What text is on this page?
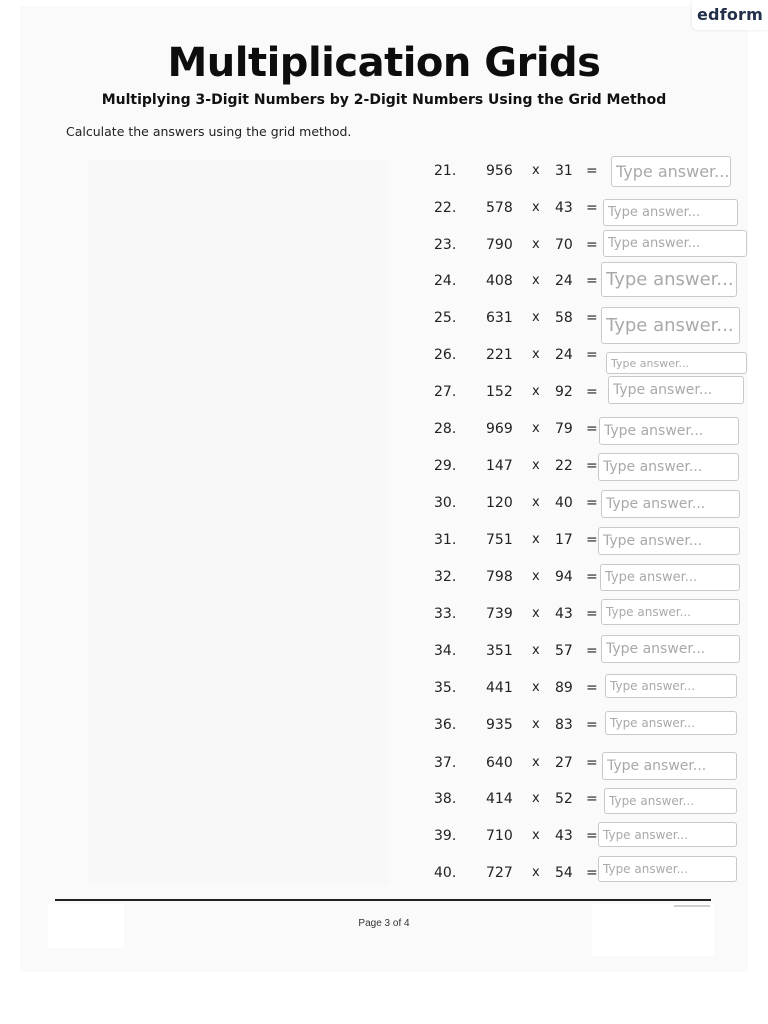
edform
Multiplication Grids
Multiplying 3-Digit Numbers by 2-Digit Numbers Using the Grid Method
Calculate the answers using the grid method.
21. 956 x 31 =
Type answer...
22. 578 x 43 =
Type answer...
23. 790 x 70 =
Type answer...
24. 408 x 24 =
Type answer...
25. 631 x 58 =
Type answer...
26. 221 x 24 =
Type answer...
27. 152 x 92 =
Type answer...
28. 969 x 79 =
Type answer...
29. 147 x 22 =
Type answer...
30. 120 x 40 =
Type answer...
31. 751 x 17 =
Type answer...
32. 798 x 94 =
Type answer...
33. 739 x 43 =
Type answer...
34. 351 x 57 =
Type answer...
35. 441 x 89 =
Type answer...
36. 935 x 83 =
Type answer...
37. 640 x 27 =
Type answer...
38. 414 x 52 =
Type answer...
39. 710 x 43 =
Type answer...
40. 727 x 54 =
Type answer...
Page 3 of 4
